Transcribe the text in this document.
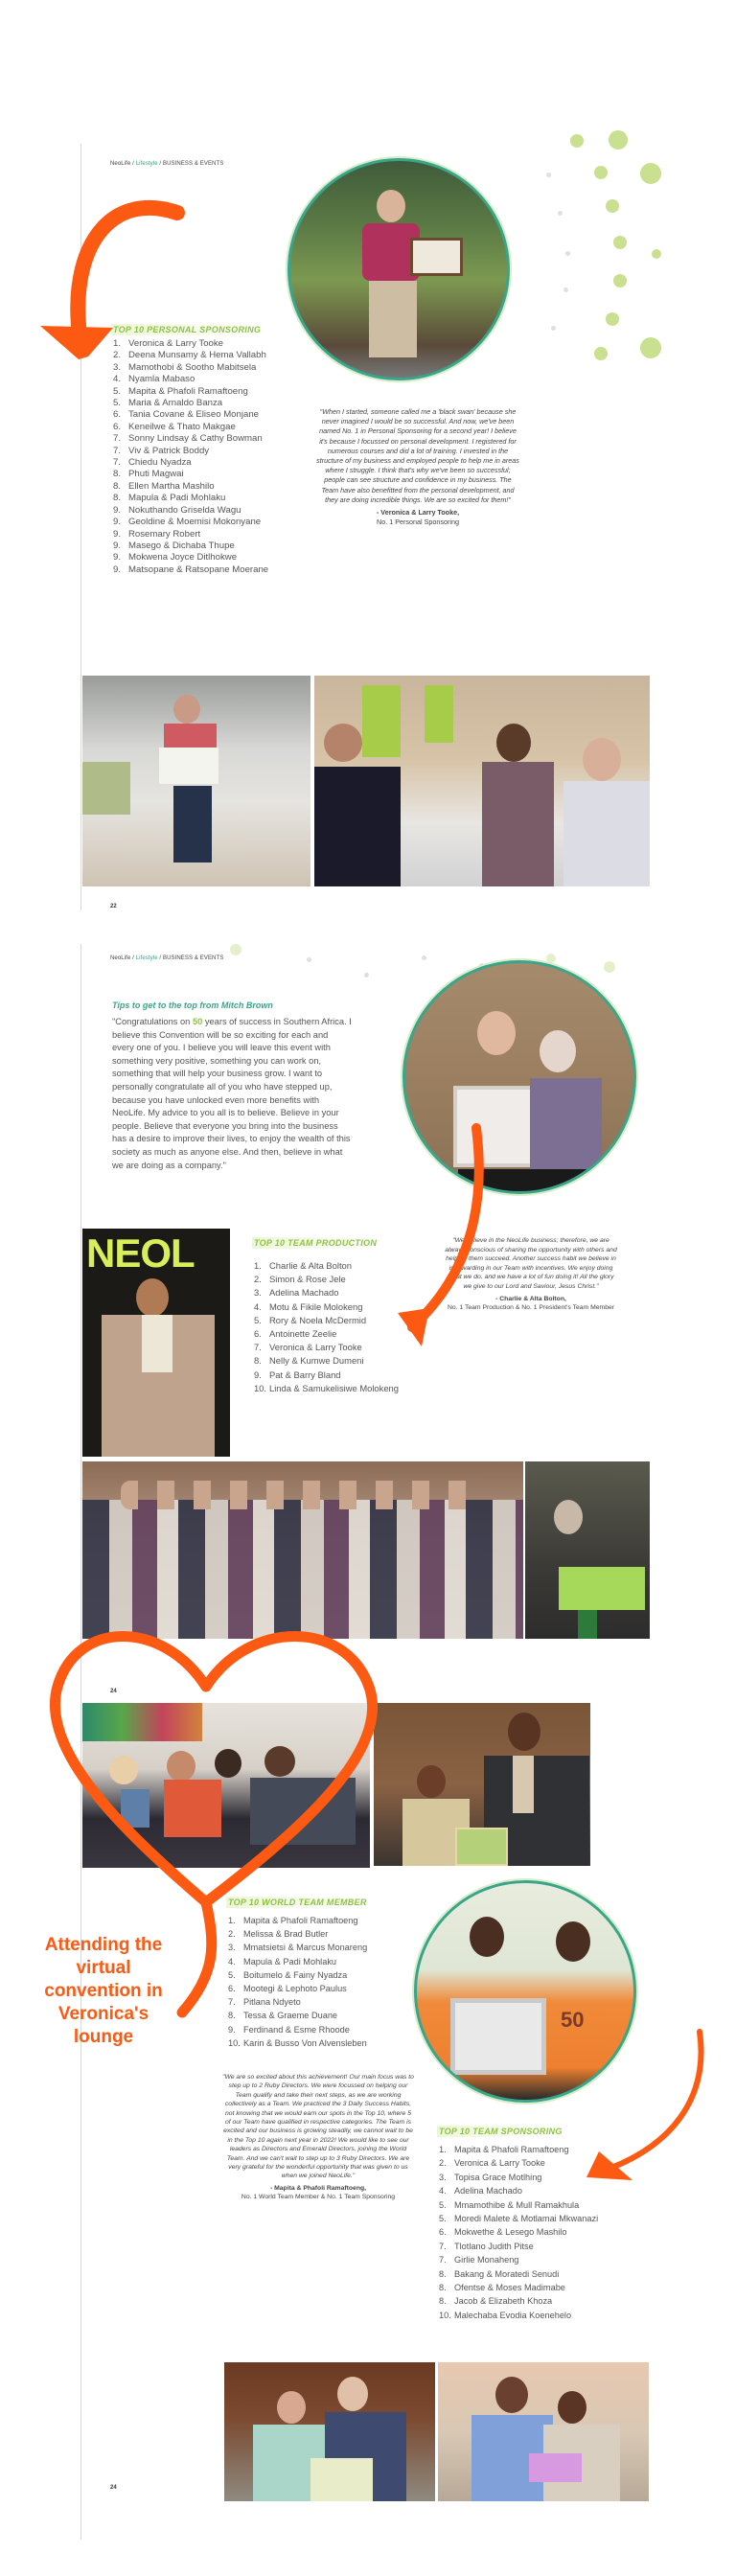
NeoLife / Lifestyle / BUSINESS & EVENTS
TOP 10 PERSONAL SPONSORING
1. Veronica & Larry Tooke
2. Deena Munsamy & Hema Vallabh
3. Mamothobi & Sootho Mabitsela
4. Nyamla Mabaso
5. Mapita & Phafoli Ramaftoeng
5. Maria & Arnaldo Banza
6. Tania Covane & Eliseo Monjane
6. Keneilwe & Thato Makgae
7. Sonny Lindsay & Cathy Bowman
7. Viv & Patrick Boddy
7. Chiedu Nyadza
8. Phuti Magwai
8. Ellen Martha Mashilo
8. Mapula & Padi Mohlaku
9. Nokuthando Griselda Wagu
9. Geoldine & Moemisi Mokonyane
9. Rosemary Robert
9. Masego & Dichaba Thupe
9. Mokwena Joyce Ditlhokwe
9. Matsopane & Ratsopane Moerane
"When I started, someone called me a 'black swan' because she never imagined I would be so successful. And now, we've been named No. 1 in Personal Sponsoring for a second year! I believe it's because I focussed on personal development. I registered for numerous courses and did a lot of training. I invested in the structure of my business and employed people to help me in areas where I struggle. I think that's why we've been so successful; people can see structure and confidence in my business. The Team have also benefitted from the personal development, and they are doing incredible things. We are so excited for them!"
- Veronica & Larry Tooke,
No. 1 Personal Sponsoring
22
NeoLife / Lifestyle / BUSINESS & EVENTS
Tips to get to the top from Mitch Brown
"Congratulations on 50 years of success in Southern Africa. I believe this Convention will be so exciting for each and every one of you. I believe you will leave this event with something very positive, something you can work on, something that will help your business grow. I want to personally congratulate all of you who have stepped up, because you have unlocked even more benefits with NeoLife. My advice to you all is to believe. Believe in your people. Believe that everyone you bring into the business has a desire to improve their lives, to enjoy the wealth of this society as much as anyone else. And then, believe in what we are doing as a company."
NEOL	TOP 10 TEAM PRODUCTION
1. Charlie & Alta Bolton
2. Simon & Rose Jele
3. Adelina Machado
4. Motu & Fikile Molokeng
5. Rory & Noela McDermid
6. Antoinette Zeelie
7. Veronica & Larry Tooke
8. Nelly & Kumwe Dumeni
9. Pat & Barry Bland
10. Linda & Samukelisiwe Molokeng
"We believe in the NeoLife business; therefore, we are always conscious of sharing the opportunity with others and helping them succeed. Another success habit we believe in is rewarding in our Team with incentives. We enjoy doing what we do, and we have a lot of fun doing it! All the glory we give to our Lord and Saviour, Jesus Christ."
- Charlie & Alta Bolton,
No. 1 Team Production & No. 1 President's Team Member
24
TOP 10 WORLD TEAM MEMBER
1. Mapita & Phafoli Ramaftoeng
2. Melissa & Brad Butler
3. Mmatsietsi & Marcus Monareng
4. Mapula & Padi Mohlaku
5. Boitumelo & Fainy Nyadza
6. Mootegi & Lephoto Paulus
7. Pitlana Ndyeto
8. Tessa & Graeme Duane
9. Ferdinand & Esme Rhoode
10. Karin & Busso Von Alvensleben
"We are so excited about this achievement! Our main focus was to step up to 2 Ruby Directors. We were focussed on helping our Team qualify and take their next steps, as we are working collectively as a Team. We practiced the 3 Daily Success Habits, not knowing that we would earn our spots in the Top 10, where 5 of our Team have qualified in respective categories. The Team is excited and our business is growing steadily, we cannot wait to be in the Top 10 again next year in 2022! We would like to see our leaders as Directors and Emerald Directors, joining the World Team. And we can't wait to step up to 3 Ruby Directors. We are very grateful for the wonderful opportunity that was given to us when we joined NeoLife."
- Mapita & Phafoli Ramaftoeng,
No. 1 World Team Member & No. 1 Team Sponsoring
50
TOP 10 TEAM SPONSORING
1. Mapita & Phafoli Ramaftoeng
2. Veronica & Larry Tooke
3. Topisa Grace Motlhing
4. Adelina Machado
5. Mmamothibe & Mull Ramakhula
5. Moredi Malete & Motlamai Mkwanazi
6. Mokwethe & Lesego Mashilo
7. Tlotlano Judith Pitse
7. Girlie Monaheng
8. Bakang & Moratedi Senudi
8. Ofentse & Moses Madimabe
8. Jacob & Elizabeth Khoza
10. Malechaba Evodia Koenehelo
24
Attending the virtual convention in Veronica's lounge
